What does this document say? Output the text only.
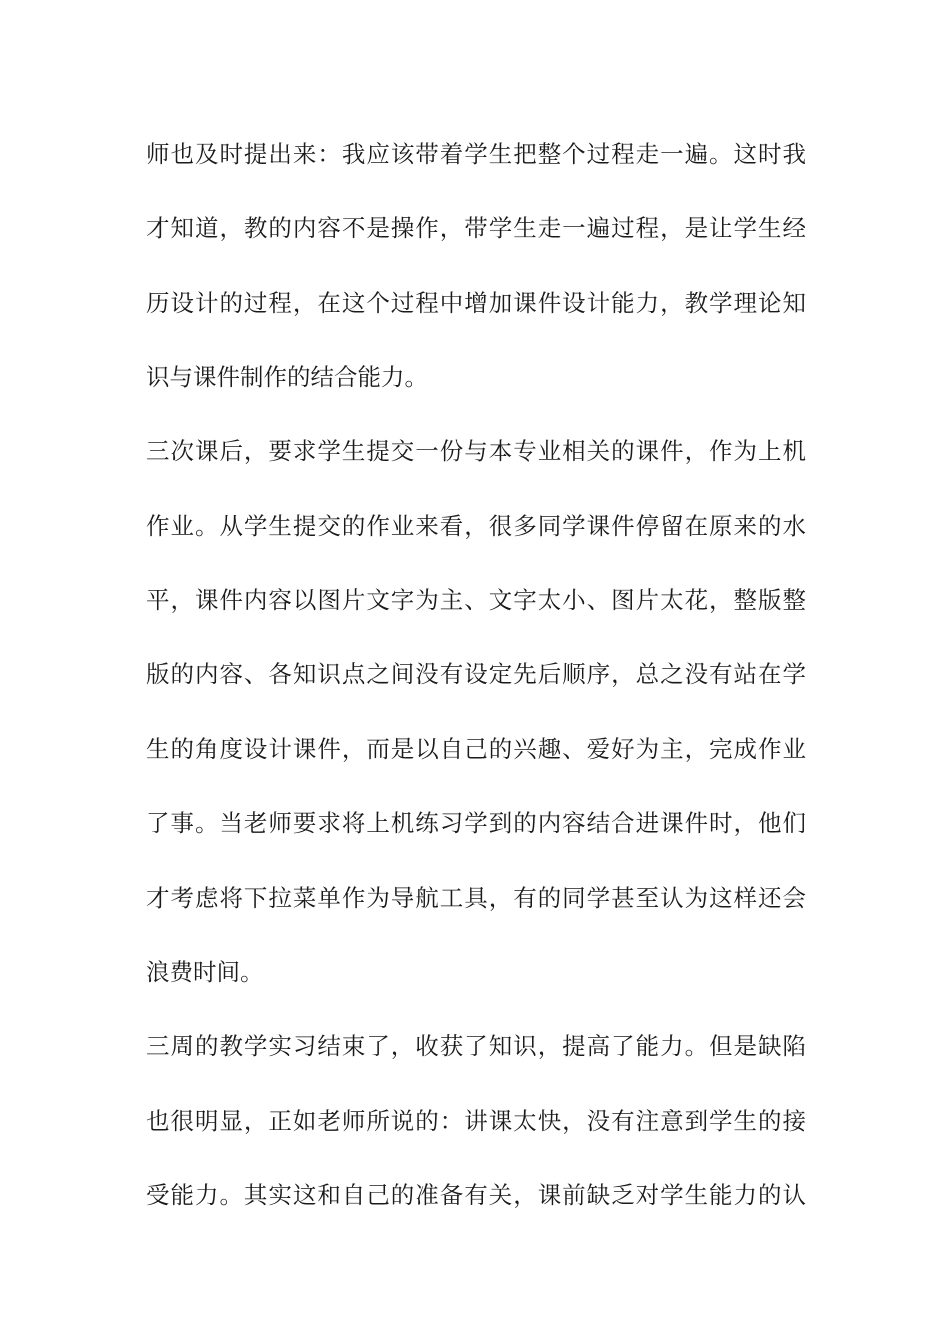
师也及时提出来：我应该带着学生把整个过程走一遍。这时我
才知道，教的内容不是操作，带学生走一遍过程，是让学生经
历设计的过程，在这个过程中增加课件设计能力，教学理论知
识与课件制作的结合能力。
三次课后，要求学生提交一份与本专业相关的课件，作为上机
作业。从学生提交的作业来看，很多同学课件停留在原来的水
平，课件内容以图片文字为主、文字太小、图片太花，整版整
版的内容、各知识点之间没有设定先后顺序，总之没有站在学
生的角度设计课件，而是以自己的兴趣、爱好为主，完成作业
了事。当老师要求将上机练习学到的内容结合进课件时，他们
才考虑将下拉菜单作为导航工具，有的同学甚至认为这样还会
浪费时间。
三周的教学实习结束了，收获了知识，提高了能力。但是缺陷
也很明显，正如老师所说的：讲课太快，没有注意到学生的接
受能力。其实这和自己的准备有关，课前缺乏对学生能力的认
